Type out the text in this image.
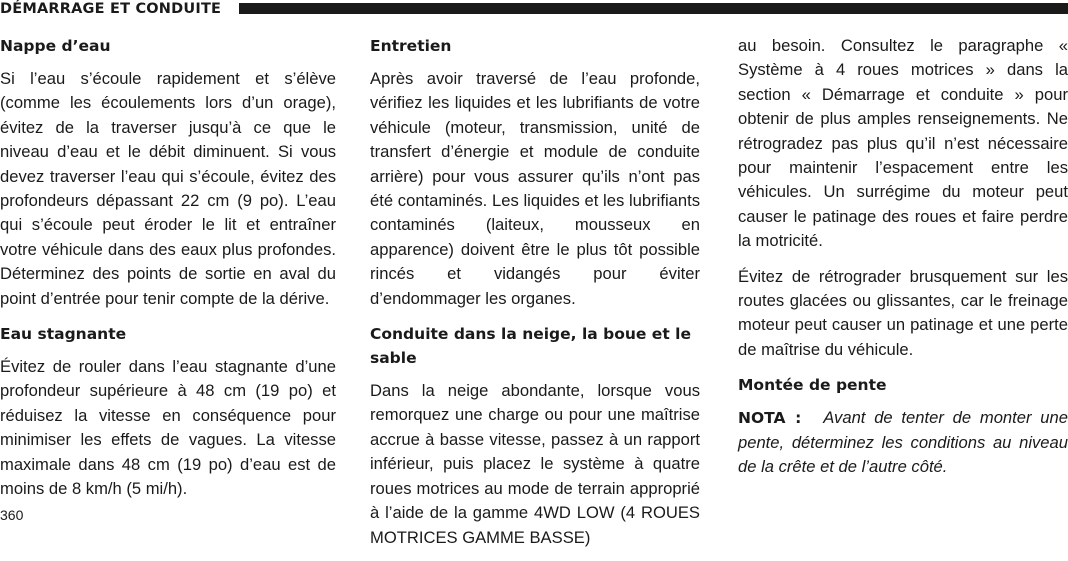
DÉMARRAGE ET CONDUITE
Nappe d’eau
Si l’eau s’écoule rapidement et s’élève (comme les écoulements lors d’un orage), évitez de la traverser jusqu’à ce que le niveau d’eau et le débit diminuent. Si vous devez traverser l’eau qui s’écoule, évitez des profondeurs dépassant 22 cm (9 po). L’eau qui s’écoule peut éroder le lit et entraîner votre véhicule dans des eaux plus profondes. Déterminez des points de sortie en aval du point d’entrée pour tenir compte de la dérive.
Eau stagnante
Évitez de rouler dans l’eau stagnante d’une profondeur supérieure à 48 cm (19 po) et réduisez la vitesse en conséquence pour minimiser les effets de vagues. La vitesse maximale dans 48 cm (19 po) d’eau est de moins de 8 km/h (5 mi/h).
Entretien
Après avoir traversé de l’eau profonde, vérifiez les liquides et les lubrifiants de votre véhicule (moteur, transmission, unité de transfert d’énergie et module de conduite arrière) pour vous assurer qu’ils n’ont pas été contaminés. Les liquides et les lubrifiants contaminés (laiteux, mousseux en apparence) doivent être le plus tôt possible rincés et vidangés pour éviter d’endommager les organes.
Conduite dans la neige, la boue et le sable
Dans la neige abondante, lorsque vous remorquez une charge ou pour une maîtrise accrue à basse vitesse, passez à un rapport inférieur, puis placez le système à quatre roues motrices au mode de terrain approprié à l’aide de la gamme 4WD LOW (4 ROUES MOTRICES GAMME BASSE)
au besoin. Consultez le paragraphe « Système à 4 roues motrices » dans la section « Démarrage et conduite » pour obtenir de plus amples renseignements. Ne rétrogradez pas plus qu’il n’est nécessaire pour maintenir l’espacement entre les véhicules. Un surrégime du moteur peut causer le patinage des roues et faire perdre la motricité.
Évitez de rétrograder brusquement sur les routes glacées ou glissantes, car le freinage moteur peut causer un patinage et une perte de maîtrise du véhicule.
Montée de pente
NOTA : Avant de tenter de monter une pente, déterminez les conditions au niveau de la crête et de l’autre côté.
360
